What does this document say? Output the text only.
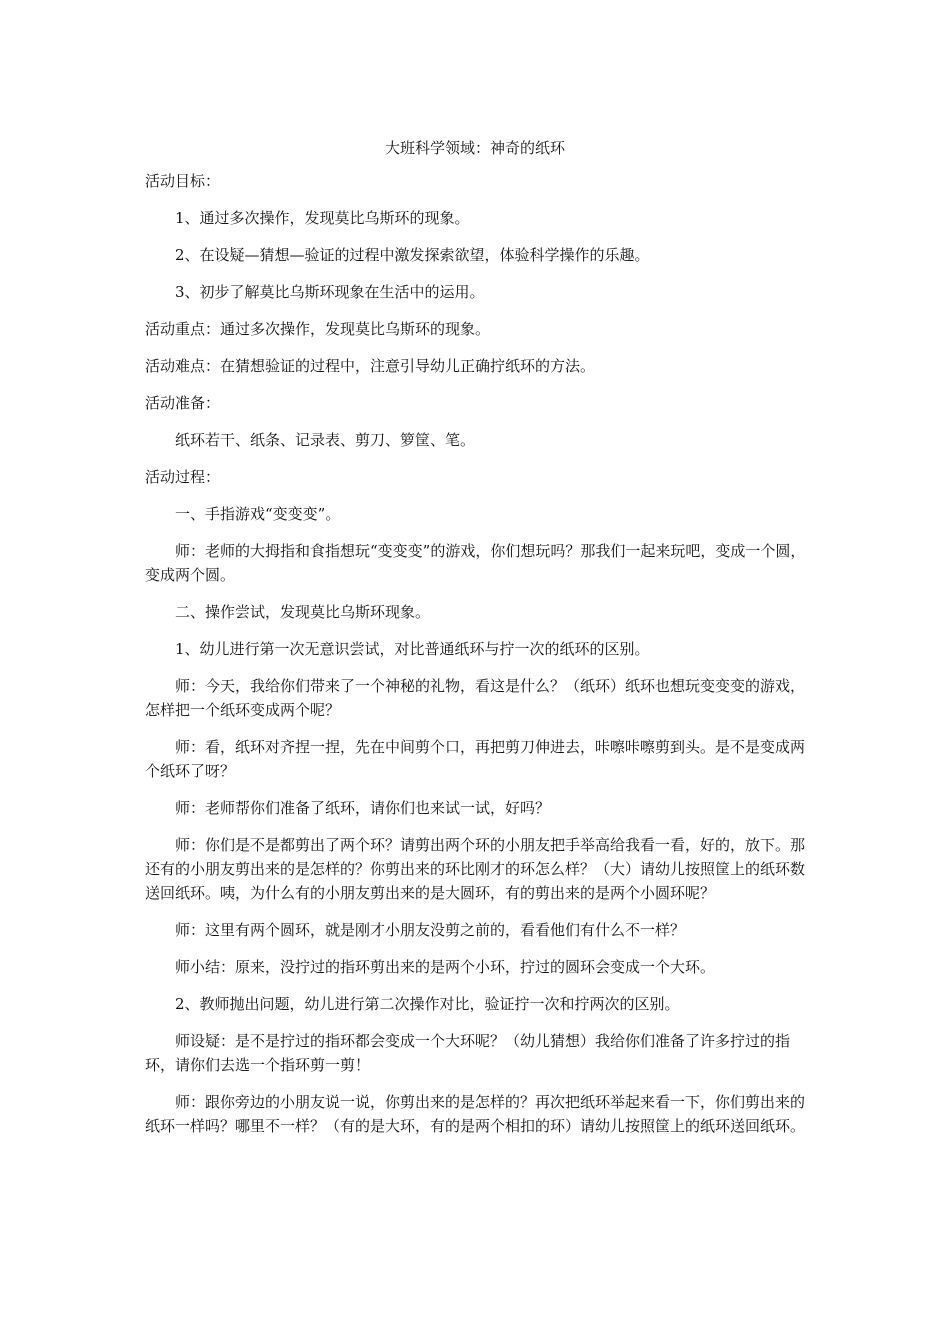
大班科学领域：神奇的纸环

活动目标：

1、通过多次操作，发现莫比乌斯环的现象。

2、在设疑—猜想—验证的过程中激发探索欲望，体验科学操作的乐趣。

3、初步了解莫比乌斯环现象在生活中的运用。

活动重点：通过多次操作，发现莫比乌斯环的现象。

活动难点：在猜想验证的过程中，注意引导幼儿正确拧纸环的方法。

活动准备：

纸环若干、纸条、记录表、剪刀、箩筐、笔。

活动过程：

一、手指游戏“变变变”。

师：老师的大拇指和食指想玩“变变变”的游戏，你们想玩吗？那我们一起来玩吧，变成一个圆，变成两个圆。

二、操作尝试，发现莫比乌斯环现象。

1、幼儿进行第一次无意识尝试，对比普通纸环与拧一次的纸环的区别。

师：今天，我给你们带来了一个神秘的礼物，看这是什么？（纸环）纸环也想玩变变变的游戏，怎样把一个纸环变成两个呢？

师：看，纸环对齐捏一捏，先在中间剪个口，再把剪刀伸进去，咔嚓咔嚓剪到头。是不是变成两个纸环了呀？

师：老师帮你们准备了纸环，请你们也来试一试，好吗？

师：你们是不是都剪出了两个环？请剪出两个环的小朋友把手举高给我看一看，好的，放下。那还有的小朋友剪出来的是怎样的？你剪出来的环比刚才的环怎么样？（大）请幼儿按照筐上的纸环数送回纸环。咦，为什么有的小朋友剪出来的是大圆环，有的剪出来的是两个小圆环呢？

师：这里有两个圆环，就是刚才小朋友没剪之前的，看看他们有什么不一样？

师小结：原来，没拧过的指环剪出来的是两个小环，拧过的圆环会变成一个大环。

2、教师抛出问题，幼儿进行第二次操作对比，验证拧一次和拧两次的区别。

师设疑：是不是拧过的指环都会变成一个大环呢？（幼儿猜想）我给你们准备了许多拧过的指环，请你们去选一个指环剪一剪！

师：跟你旁边的小朋友说一说，你剪出来的是怎样的？再次把纸环举起来看一下，你们剪出来的纸环一样吗？哪里不一样？（有的是大环，有的是两个相扣的环）请幼儿按照筐上的纸环送回纸环。
